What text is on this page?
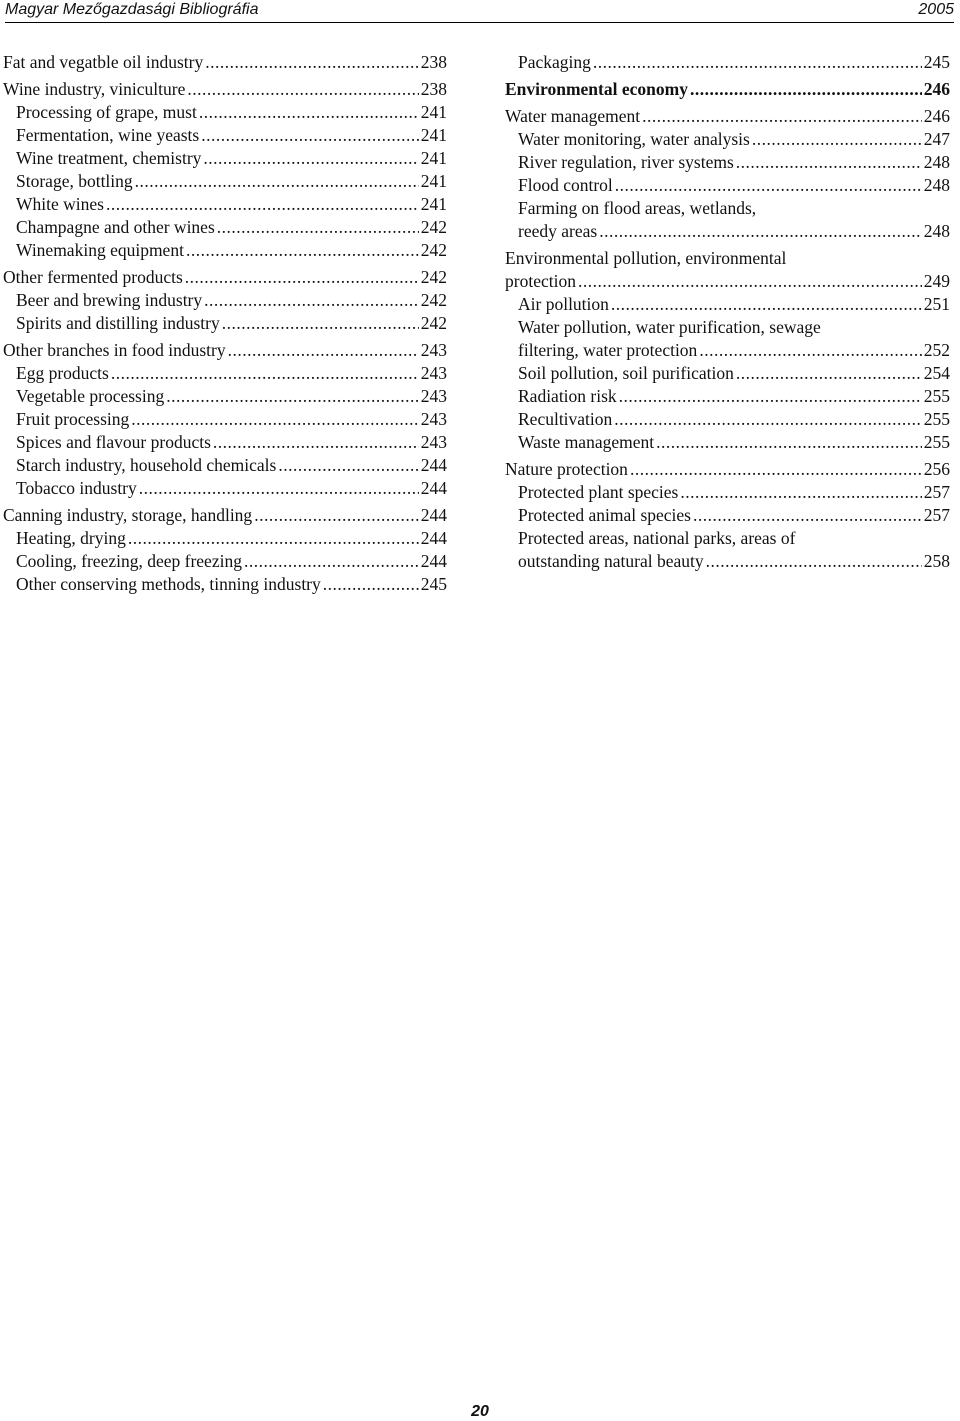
Magyar Mezőgazdasági Bibliográfia	2005
Fat and vegatble oil industry .....	238
Wine industry, viniculture .....	238
Processing of grape, must .....	241
Fermentation, wine yeasts .....	241
Wine treatment, chemistry .....	241
Storage, bottling .....	241
White wines .....	241
Champagne and other wines .....	242
Winemaking equipment .....	242
Other fermented products .....	242
Beer and brewing industry .....	242
Spirits and distilling industry .....	242
Other branches in food industry .....	243
Egg products .....	243
Vegetable processing .....	243
Fruit processing .....	243
Spices and flavour products .....	243
Starch industry, household chemicals .....	244
Tobacco industry .....	244
Canning industry, storage, handling .....	244
Heating, drying .....	244
Cooling, freezing, deep freezing .....	244
Other conserving methods, tinning industry .....	245
Packaging .....	245
Environmental economy .....	246
Water management .....	246
Water monitoring, water analysis .....	247
River regulation, river systems .....	248
Flood control .....	248
Farming on flood areas, wetlands,
reedy areas .....	248
Environmental pollution, environmental
protection .....	249
Air pollution .....	251
Water pollution, water purification, sewage
filtering, water protection .....	252
Soil pollution, soil purification .....	254
Radiation risk .....	255
Recultivation .....	255
Waste management .....	255
Nature protection .....	256
Protected plant species .....	257
Protected animal species .....	257
Protected areas, national parks, areas of
outstanding natural beauty .....	258
20
